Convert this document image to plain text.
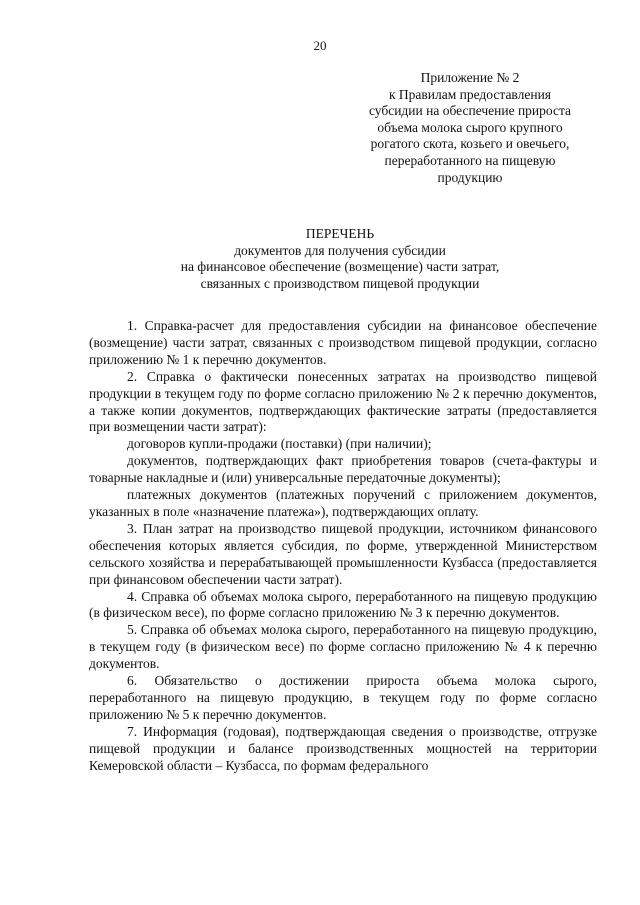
20
Приложение № 2
к Правилам предоставления
субсидии на обеспечение прироста
объема молока сырого крупного
рогатого скота, козьего и овечьего,
переработанного на пищевую
продукцию
ПЕРЕЧЕНЬ
документов для получения субсидии
на финансовое обеспечение (возмещение) части затрат,
связанных с производством пищевой продукции

1. Справка-расчет для предоставления субсидии на финансовое обеспечение (возмещение) части затрат, связанных с производством пищевой продукции, согласно приложению № 1 к перечню документов.

2. Справка о фактически понесенных затратах на производство пищевой продукции в текущем году по форме согласно приложению № 2 к перечню документов, а также копии документов, подтверждающих фактические затраты (предоставляется при возмещении части затрат):

договоров купли-продажи (поставки) (при наличии);

документов, подтверждающих факт приобретения товаров (счета-фактуры и товарные накладные и (или) универсальные передаточные документы);

платежных документов (платежных поручений с приложением документов, указанных в поле «назначение платежа»), подтверждающих оплату.

3. План затрат на производство пищевой продукции, источником финансового обеспечения которых является субсидия, по форме, утвержденной Министерством сельского хозяйства и перерабатывающей промышленности Кузбасса (предоставляется при финансовом обеспечении части затрат).

4. Справка об объемах молока сырого, переработанного на пищевую продукцию (в физическом весе), по форме согласно приложению № 3 к перечню документов.

5. Справка об объемах молока сырого, переработанного на пищевую продукцию, в текущем году (в физическом весе) по форме согласно приложению № 4 к перечню документов.

6. Обязательство о достижении прироста объема молока сырого, переработанного на пищевую продукцию, в текущем году по форме согласно приложению № 5 к перечню документов.

7. Информация (годовая), подтверждающая сведения о производстве, отгрузке пищевой продукции и балансе производственных мощностей на территории Кемеровской области – Кузбасса, по формам федерального
